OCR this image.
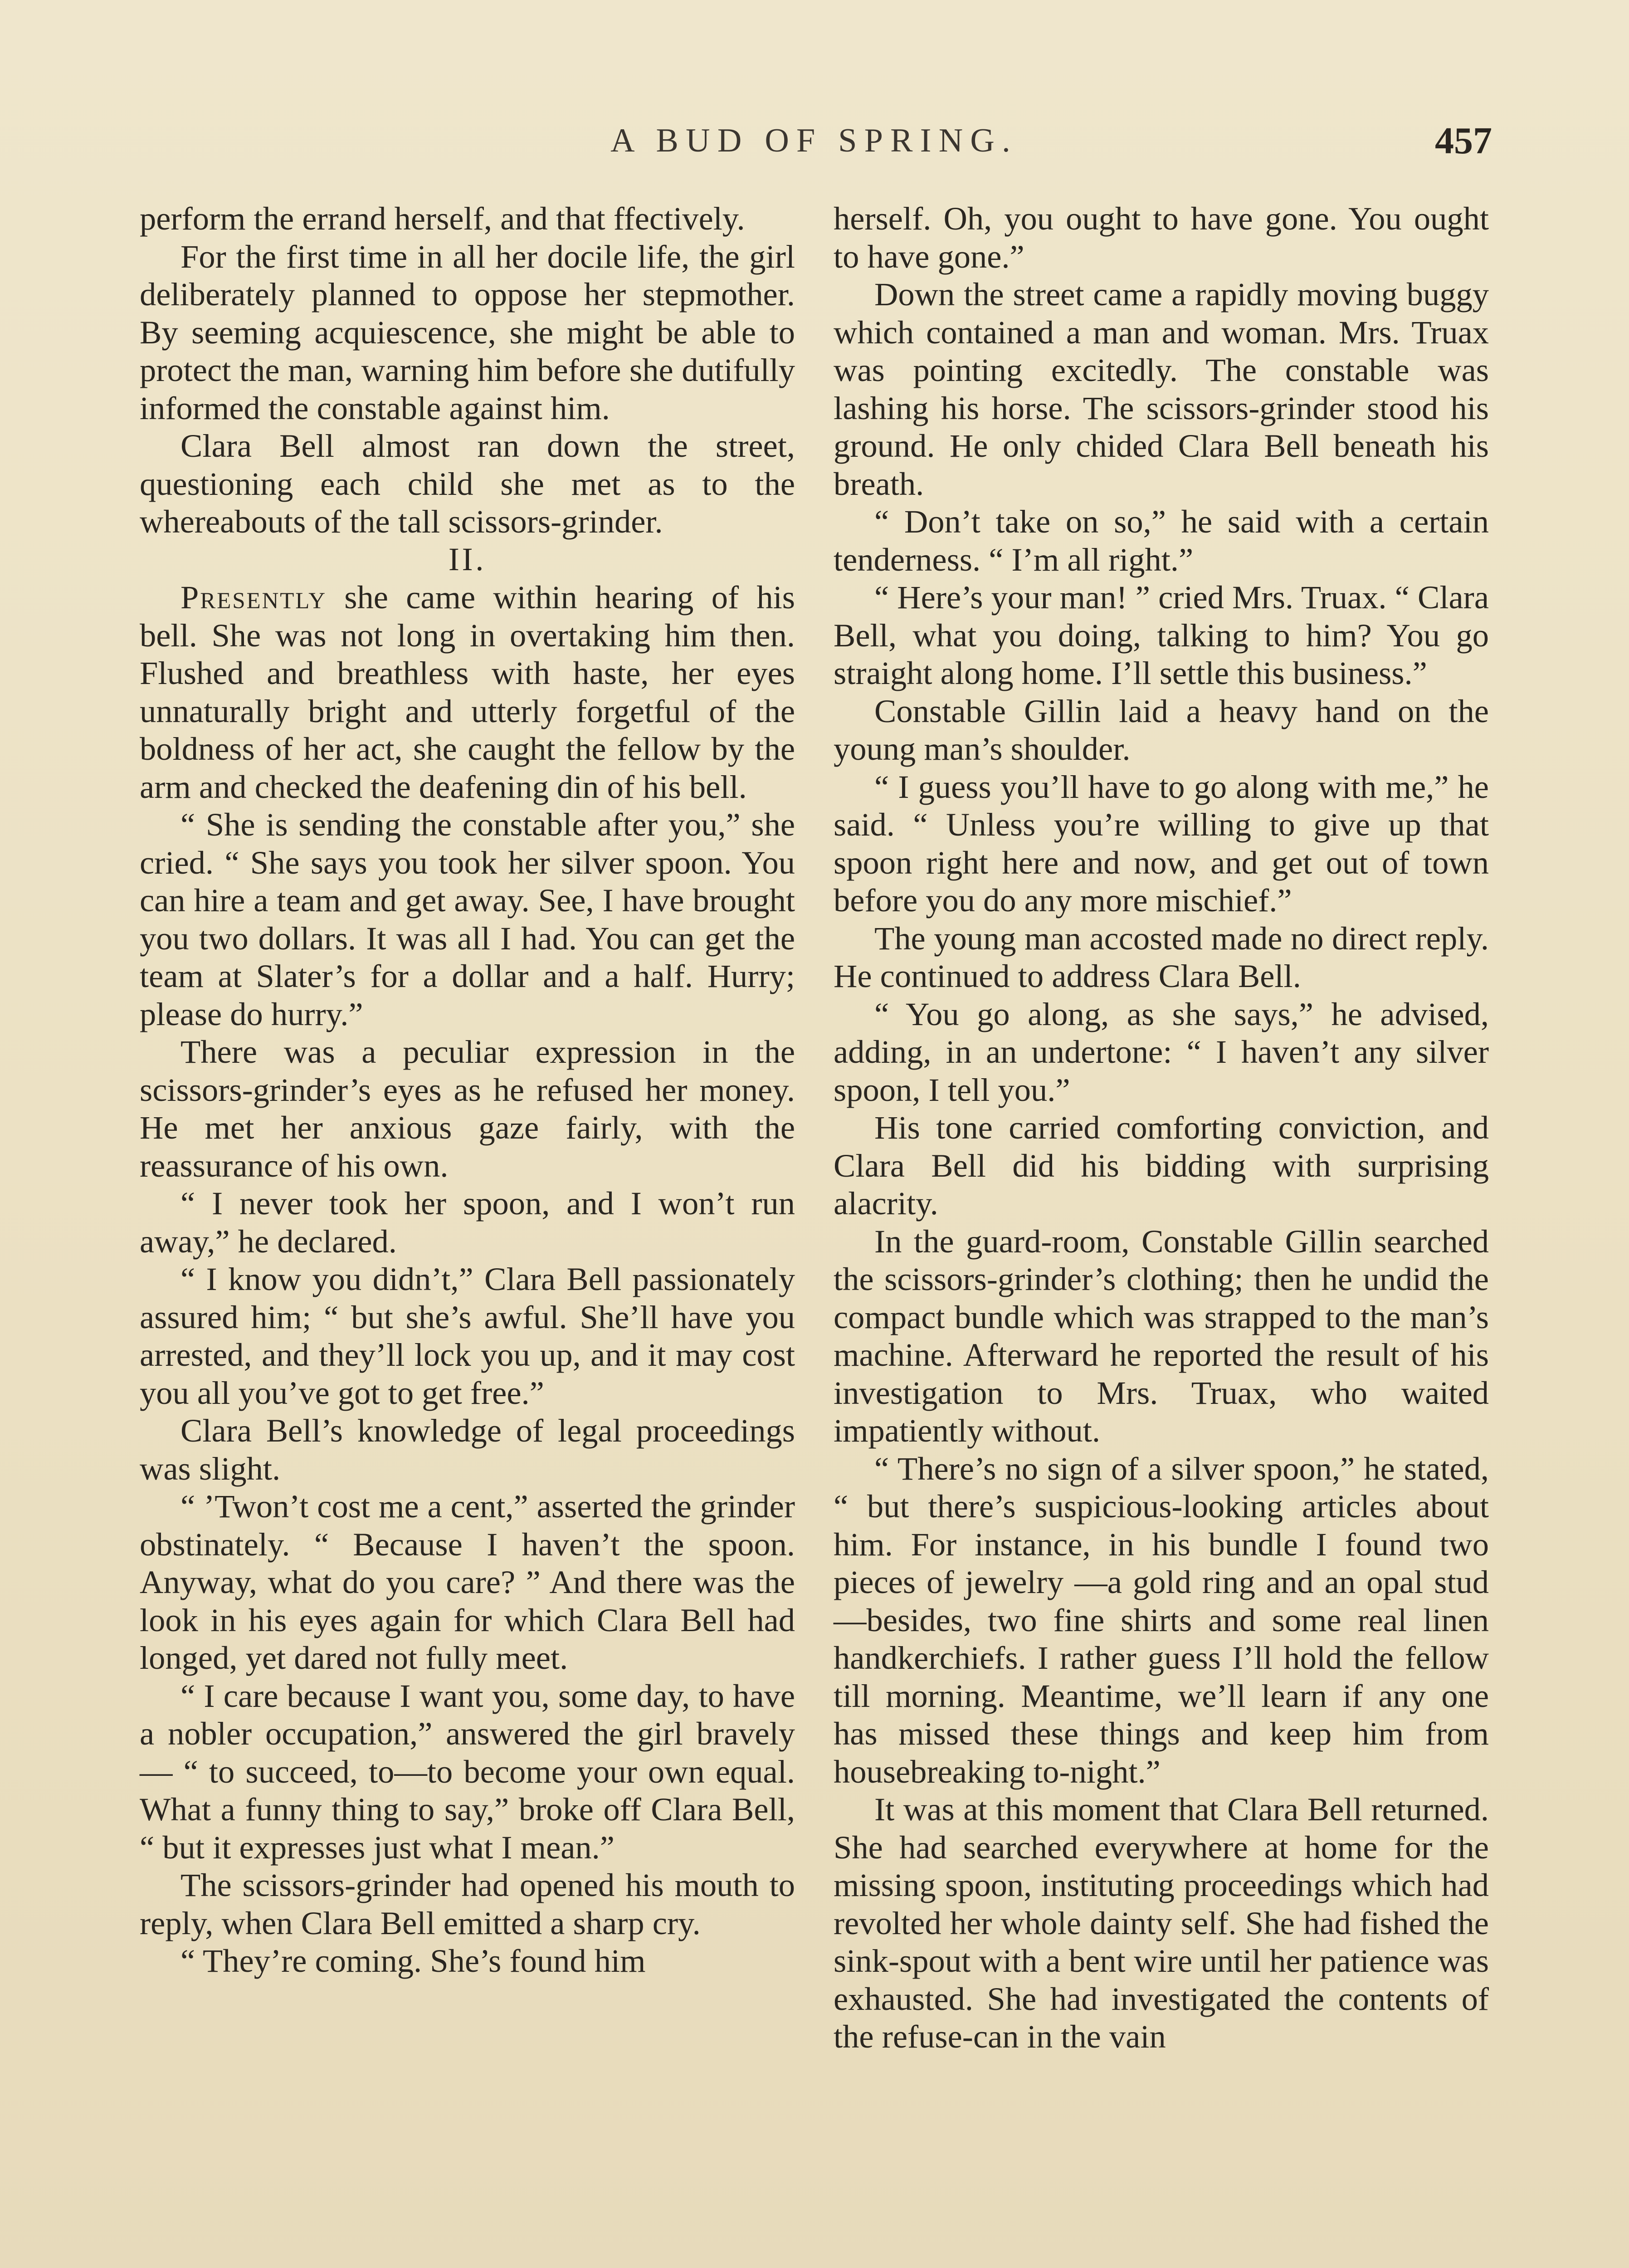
A BUD OF SPRING.	457

perform the errand herself, and that ffectively.

For the first time in all her docile life, the girl deliberately planned to oppose her stepmother. By seeming acquiescence, she might be able to protect the man, warning him before she dutifully informed the constable against him.

Clara Bell almost ran down the street, questioning each child she met as to the whereabouts of the tall scissors-grinder.

II.

Presently she came within hearing of his bell. She was not long in overtaking him then. Flushed and breathless with haste, her eyes unnaturally bright and utterly forgetful of the boldness of her act, she caught the fellow by the arm and checked the deafening din of his bell.

“ She is sending the constable after you,” she cried. “ She says you took her silver spoon. You can hire a team and get away. See, I have brought you two dollars. It was all I had. You can get the team at Slater’s for a dollar and a half. Hurry; please do hurry.”

There was a peculiar expression in the scissors-grinder’s eyes as he refused her money. He met her anxious gaze fairly, with the reassurance of his own.

“ I never took her spoon, and I won’t run away,” he declared.

“ I know you didn’t,” Clara Bell passionately assured him; “ but she’s awful. She’ll have you arrested, and they’ll lock you up, and it may cost you all you’ve got to get free.”

Clara Bell’s knowledge of legal proceedings was slight.

“ ’Twon’t cost me a cent,” asserted the grinder obstinately. “ Because I haven’t the spoon. Anyway, what do you care? ” And there was the look in his eyes again for which Clara Bell had longed, yet dared not fully meet.

“ I care because I want you, some day, to have a nobler occupation,” answered the girl bravely — “ to succeed, to—to become your own equal. What a funny thing to say,” broke off Clara Bell, “ but it expresses just what I mean.”

The scissors-grinder had opened his mouth to reply, when Clara Bell emitted a sharp cry.

“ They’re coming. She’s found him

herself. Oh, you ought to have gone. You ought to have gone.”

Down the street came a rapidly moving buggy which contained a man and woman. Mrs. Truax was pointing excitedly. The constable was lashing his horse. The scissors-grinder stood his ground. He only chided Clara Bell beneath his breath.

“ Don’t take on so,” he said with a certain tenderness. “ I’m all right.”

“ Here’s your man! ” cried Mrs. Truax. “ Clara Bell, what you doing, talking to him? You go straight along home. I’ll settle this business.”

Constable Gillin laid a heavy hand on the young man’s shoulder.

“ I guess you’ll have to go along with me,” he said. “ Unless you’re willing to give up that spoon right here and now, and get out of town before you do any more mischief.”

The young man accosted made no direct reply. He continued to address Clara Bell.

“ You go along, as she says,” he advised, adding, in an undertone: “ I haven’t any silver spoon, I tell you.”

His tone carried comforting conviction, and Clara Bell did his bidding with surprising alacrity.

In the guard-room, Constable Gillin searched the scissors-grinder’s clothing; then he undid the compact bundle which was strapped to the man’s machine. Afterward he reported the result of his investigation to Mrs. Truax, who waited impatiently without.

“ There’s no sign of a silver spoon,” he stated, “ but there’s suspicious-looking articles about him. For instance, in his bundle I found two pieces of jewelry —a gold ring and an opal stud—besides, two fine shirts and some real linen handkerchiefs. I rather guess I’ll hold the fellow till morning. Meantime, we’ll learn if any one has missed these things and keep him from housebreaking to-night.”

It was at this moment that Clara Bell returned. She had searched everywhere at home for the missing spoon, instituting proceedings which had revolted her whole dainty self. She had fished the sink-spout with a bent wire until her patience was exhausted. She had investigated the contents of the refuse-can in the vain
